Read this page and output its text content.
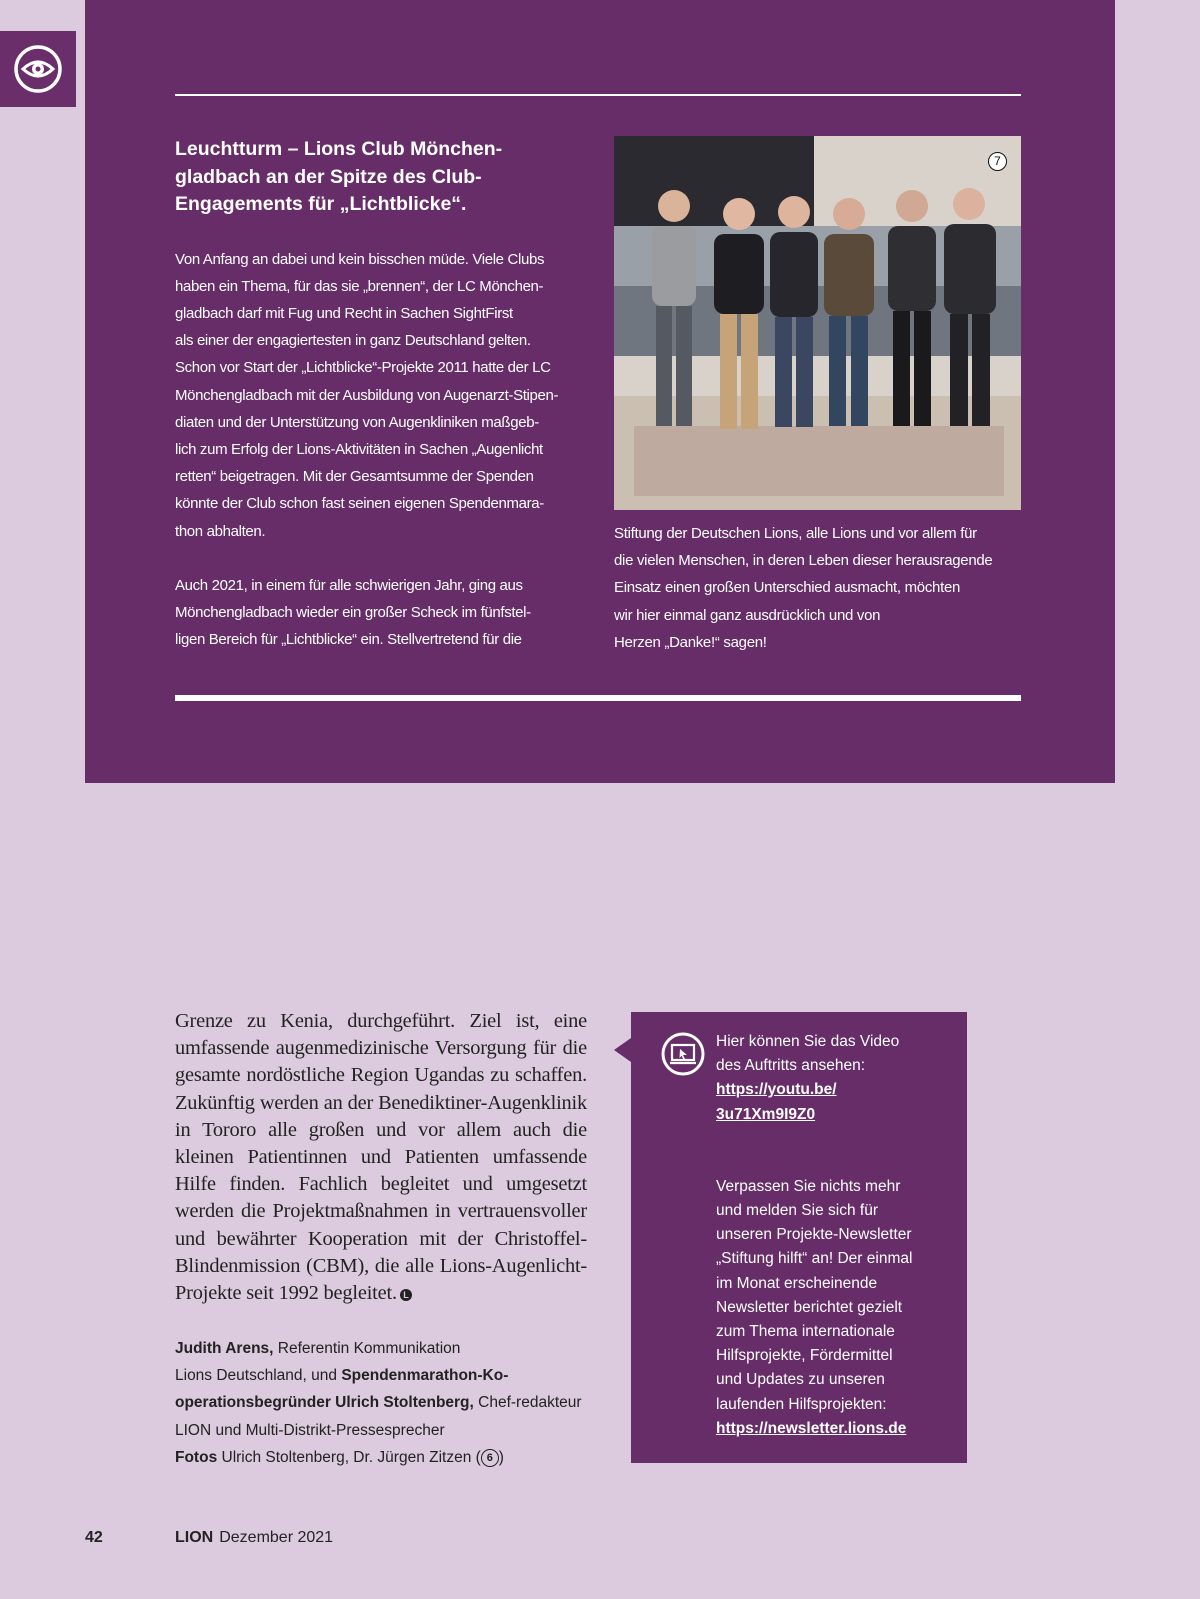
Leuchtturm – Lions Club Mönchen-
gladbach an der Spitze des Club-
Engagements für „Lichtblicke“.

Von Anfang an dabei und kein bisschen müde. Viele Clubs
haben ein Thema, für das sie „brennen“, der LC Mönchen-
gladbach darf mit Fug und Recht in Sachen SightFirst
als einer der engagiertesten in ganz Deutschland gelten.
Schon vor Start der „Lichtblicke“-Projekte 2011 hatte der LC
Mönchengladbach mit der Ausbildung von Augenarzt-Stipen-
diaten und der Unterstützung von Augenkliniken maßgeb-
lich zum Erfolg der Lions-Aktivitäten in Sachen „Augenlicht
retten“ beigetragen. Mit der Gesamtsumme der Spenden
könnte der Club schon fast seinen eigenen Spendenmara-
thon abhalten.

Auch 2021, in einem für alle schwierigen Jahr, ging aus
Mönchengladbach wieder ein großer Scheck im fünfstel-
ligen Bereich für „Lichtblicke“ ein. Stellvertretend für die

7

Stiftung der Deutschen Lions, alle Lions und vor allem für
die vielen Menschen, in deren Leben dieser herausragende
Einsatz einen großen Unterschied ausmacht, möchten
wir hier einmal ganz ausdrücklich und von
Herzen „Danke!“ sagen!

Grenze zu Kenia, durchgeführt. Ziel ist, eine umfassende augenmedizinische Versorgung für die gesamte nordöstliche Region Ugandas zu schaffen. Zukünftig werden an der Benediktiner-Augenklinik in Tororo alle großen und vor allem auch die kleinen Patientinnen und Patienten umfassende Hilfe finden. Fachlich begleitet und umgesetzt werden die Projektmaßnahmen in vertrauensvoller und bewährter Kooperation mit der Christoffel-Blindenmission (CBM), die alle Lions-Augenlicht-Projekte seit 1992 begleitet. L

Judith Arens, Referentin Kommunikation
Lions Deutschland, und Spendenmarathon-Ko-operationsbegründer Ulrich Stoltenberg, Chef-redakteur LION und Multi-Distrikt-Pressesprecher
Fotos Ulrich Stoltenberg, Dr. Jürgen Zitzen ( 6 )

Hier können Sie das Video
des Auftritts ansehen:
https://youtu.be/
3u71Xm9I9Z0

Verpassen Sie nichts mehr
und melden Sie sich für
unseren Projekte-Newsletter
„Stiftung hilft“ an! Der einmal
im Monat erscheinende
Newsletter berichtet gezielt
zum Thema internationale
Hilfsprojekte, Fördermittel
und Updates zu unseren
laufenden Hilfsprojekten:
https://newsletter.lions.de

42	LION Dezember 2021
